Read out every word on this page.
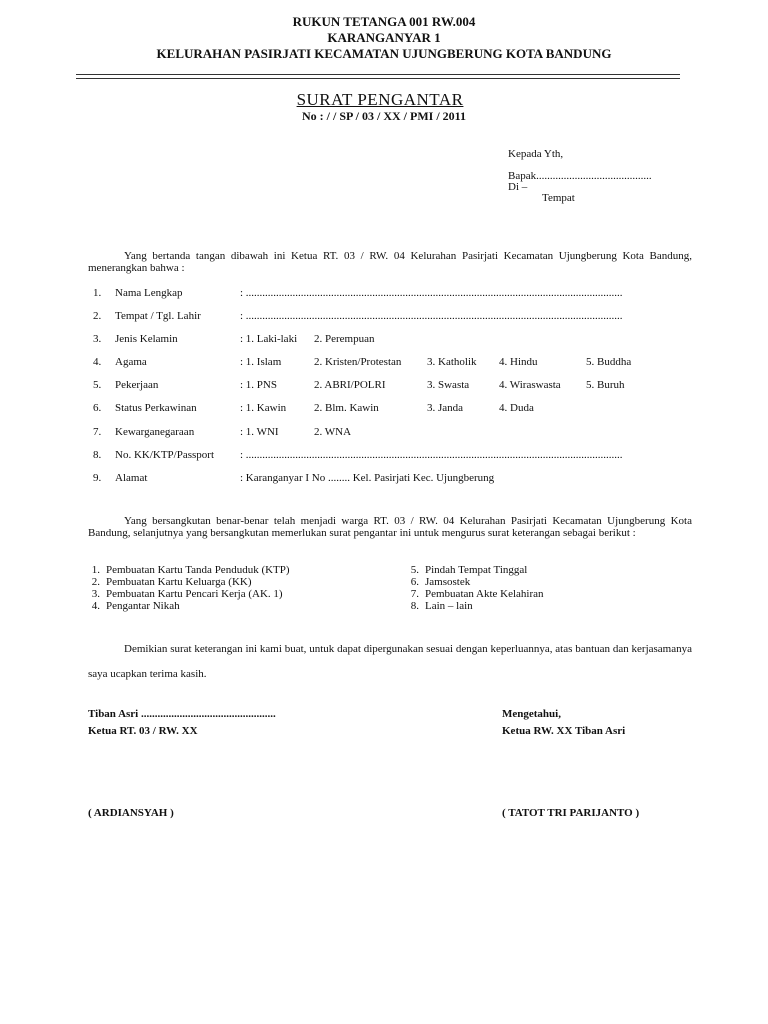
RUKUN TETANGA 001 RW.004
KARANGANYAR 1
KELURAHAN PASIRJATI KECAMATAN UJUNGBERUNG KOTA BANDUNG
SURAT PENGANTAR
No : / / SP / 03 / XX / PMI / 2011
Kepada Yth,
Bapak..........................................
Di –
Tempat
Yang bertanda tangan dibawah ini Ketua RT. 03 / RW. 04 Kelurahan Pasirjati Kecamatan Ujungberung Kota Bandung, menerangkan bahwa :
1.	Nama Lengkap	: .........................................................................................................................................
2.	Tempat / Tgl. Lahir	: .........................................................................................................................................
3.	Jenis Kelamin	: 1. Laki-laki 2. Perempuan
4.	Agama	: 1. Islam	2. Kristen/Protestan 3. Katholik 4. Hindu	5. Buddha
5.	Pekerjaan	: 1. PNS	2. ABRI/POLRI	3. Swasta	4. Wiraswasta 5. Buruh
6.	Status Perkawinan	: 1. Kawin	2. Blm. Kawin	3. Janda	4. Duda
7.	Kewarganegaraan	: 1. WNI	2. WNA
8.	No. KK/KTP/Passport : .........................................................................................................................................
9.	Alamat	: Karanganyar I No ........ Kel. Pasirjati Kec. Ujungberung
Yang bersangkutan benar-benar telah menjadi warga RT. 03 / RW. 04 Kelurahan Pasirjati Kecamatan Ujungberung Kota Bandung, selanjutnya yang bersangkutan memerlukan surat pengantar ini untuk mengurus surat keterangan sebagai berikut :
1. Pembuatan Kartu Tanda Penduduk (KTP)
2. Pembuatan Kartu Keluarga (KK)
3. Pembuatan Kartu Pencari Kerja (AK. 1)
4. Pengantar Nikah
5. Pindah Tempat Tinggal
6. Jamsostek
7. Pembuatan Akte Kelahiran
8. Lain – lain
Demikian surat keterangan ini kami buat, untuk dapat dipergunakan sesuai dengan keperluannya, atas bantuan dan kerjasamanya saya ucapkan terima kasih.
Tiban Asri .................................................
Ketua RT. 03 / RW. XX
( ARDIANSYAH )
Mengetahui,
Ketua RW. XX Tiban Asri
( TATOT TRI PARIJANTO )
